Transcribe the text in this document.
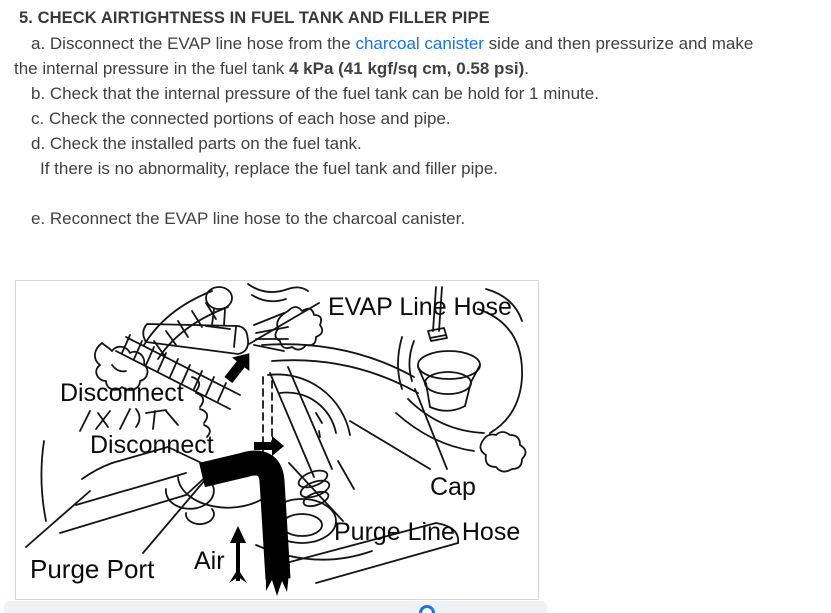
5. CHECK AIRTIGHTNESS IN FUEL TANK AND FILLER PIPE

a. Disconnect the EVAP line hose from the charcoal canister side and then pressurize and make
the internal pressure in the fuel tank 4 kPa (41 kgf/sq cm, 0.58 psi).

b. Check that the internal pressure of the fuel tank can be hold for 1 minute.

c. Check the connected portions of each hose and pipe.

d. Check the installed parts on the fuel tank.

If there is no abnormality, replace the fuel tank and filler pipe.

e. Reconnect the EVAP line hose to the charcoal canister.

EVAP Line Hose
Disconnect
Disconnect
Cap
Purge Line Hose
Purge Port Air
